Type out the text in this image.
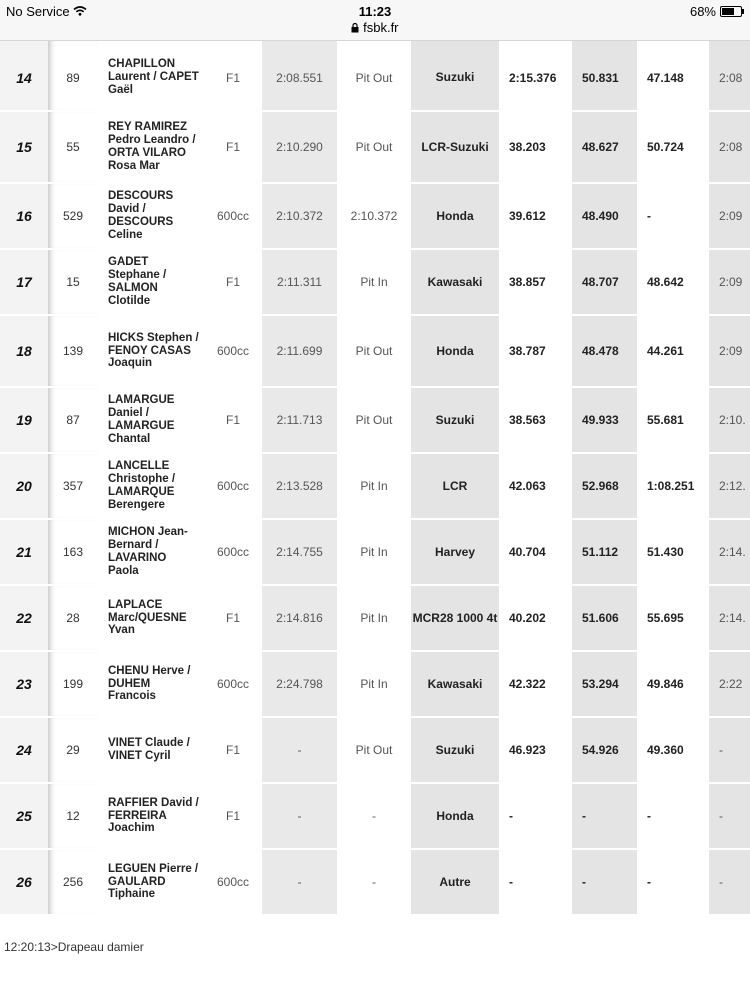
No Service	11:23
fsbk.fr
68%

14	89	CHAPILLON Laurent / CAPET Gaël	F1	2:08.551	Pit Out	Suzuki	2:15.376	50.831	47.148	2:08
15	55	REY RAMIREZ Pedro Leandro / ORTA VILARO Rosa Mar	F1	2:10.290	Pit Out	LCR-Suzuki	38.203	48.627	50.724	2:08
16	529	DESCOURS David / DESCOURS Celine	600cc	2:10.372	2:10.372	Honda	39.612	48.490	-	2:09
17	15	GADET Stephane / SALMON Clotilde	F1	2:11.311	Pit In	Kawasaki	38.857	48.707	48.642	2:09
18	139	HICKS Stephen / FENOY CASAS Joaquin	600cc	2:11.699	Pit Out	Honda	38.787	48.478	44.261	2:09
19	87	LAMARGUE Daniel / LAMARGUE Chantal	F1	2:11.713	Pit Out	Suzuki	38.563	49.933	55.681	2:10.
20	357	LANCELLE Christophe / LAMARQUE Berengere	600cc	2:13.528	Pit In	LCR	42.063	52.968	1:08.251	2:12.
21	163	MICHON Jean-Bernard / LAVARINO Paola	600cc	2:14.755	Pit In	Harvey	40.704	51.112	51.430	2:14.
22	28	LAPLACE Marc/QUESNE Yvan	F1	2:14.816	Pit In	MCR28 1000 4t	40.202	51.606	55.695	2:14.
23	199	CHENU Herve / DUHEM Francois	600cc	2:24.798	Pit In	Kawasaki	42.322	53.294	49.846	2:22
24	29	VINET Claude / VINET Cyril	F1	-	Pit Out	Suzuki	46.923	54.926	49.360	-
25	12	RAFFIER David / FERREIRA Joachim	F1	-	-	Honda	-	-	-	-
26	256	LEGUEN Pierre / GAULARD Tiphaine	600cc	-	-	Autre	-	-	-	-
12:20:13>Drapeau damier
